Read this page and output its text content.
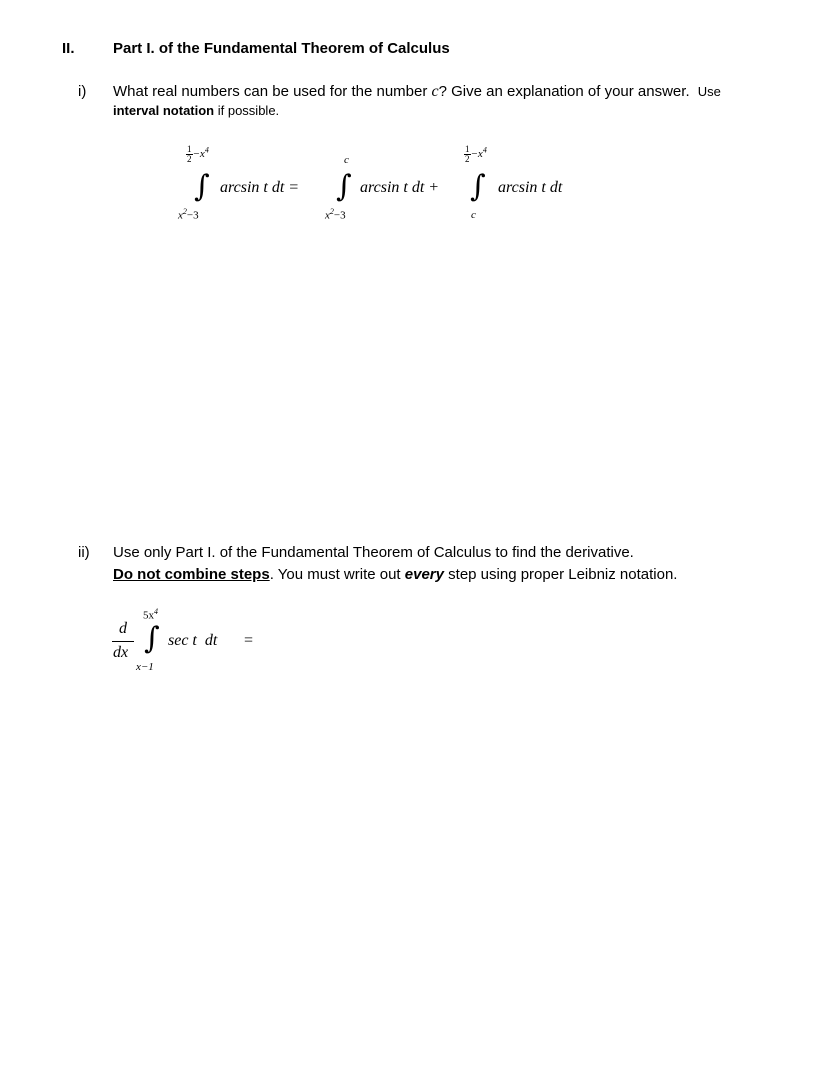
II.	Part I. of the Fundamental Theorem of Calculus
i) What real numbers can be used for the number c? Give an explanation of your answer. Use
interval notation if possible.
$\frac{1}{2} -x^4$
∫
$x^2-3$
arcsin t dt =
c
∫
$x^2-3$
arcsin t dt +
$\frac{1}{2} -x^4$
∫
c
arcsin t dt
ii) Use only Part I. of the Fundamental Theorem of Calculus to find the derivative.
Do not combine steps. You must write out every step using proper Leibniz notation.
d
dx
$5x^4$
∫
x−1
sec t  dt =
